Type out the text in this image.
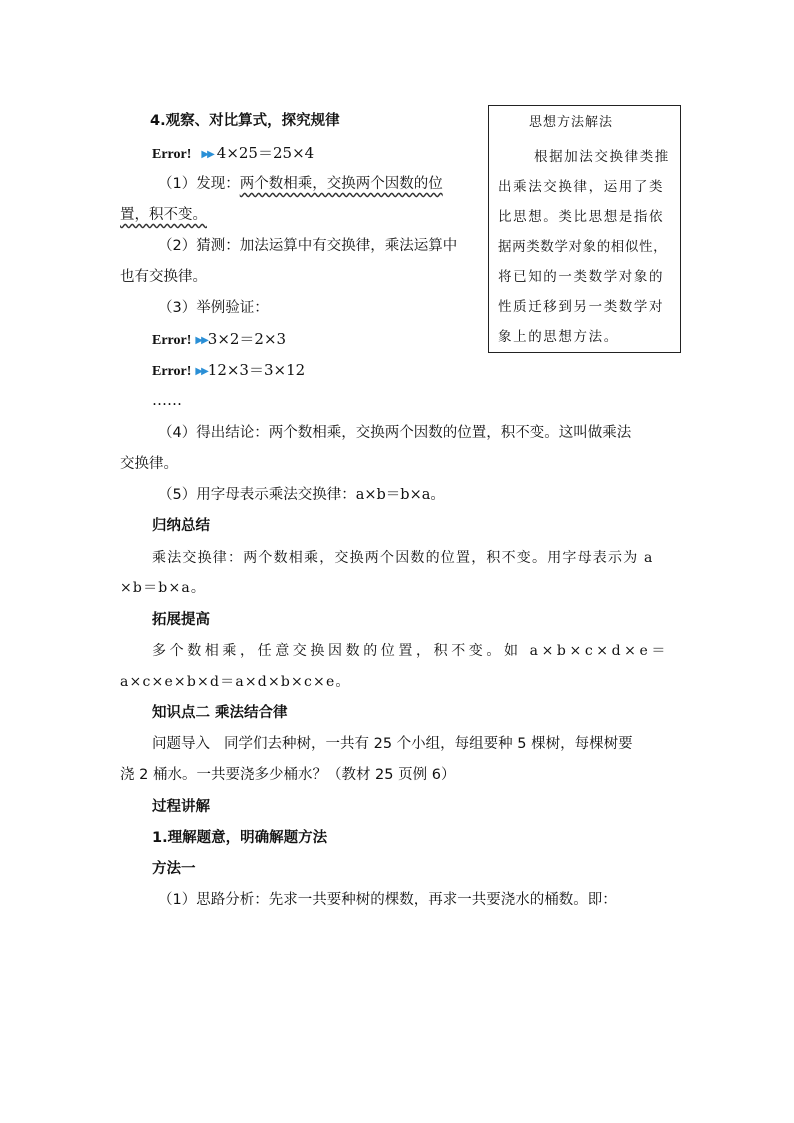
4.观察、对比算式，探究规律
Error! ▶▶ 4×25＝25×4
（1）发现：两个数相乘，交换两个因数的位
置，积不变。
（2）猜测：加法运算中有交换律，乘法运算中
也有交换律。
（3）举例验证：
Error! ▶▶3×2＝2×3
Error! ▶▶12×3＝3×12
……
（4）得出结论：两个数相乘，交换两个因数的位置，积不变。这叫做乘法
交换律。
（5）用字母表示乘法交换律：a×b＝b×a。
归纳总结
乘法交换律：两个数相乘，交换两个因数的位置，积不变。用字母表示为 a
×b＝b×a。
拓展提高
多个数相乘，任意交换因数的位置，积不变。如 a×b×c×d×e＝
a×c×e×b×d＝a×d×b×c×e。
知识点二 乘法结合律
问题导入 同学们去种树，一共有 25 个小组，每组要种 5 棵树，每棵树要
浇 2 桶水。一共要浇多少桶水？（教材 25 页例 6）
过程讲解
1.理解题意，明确解题方法
方法一
（1）思路分析：先求一共要种树的棵数，再求一共要浇水的桶数。即：
思想方法解法
根据加法交换律类推
出乘法交换律，运用了类
比思想。类比思想是指依
据两类数学对象的相似性，
将已知的一类数学对象的
性质迁移到另一类数学对
象上的思想方法。
